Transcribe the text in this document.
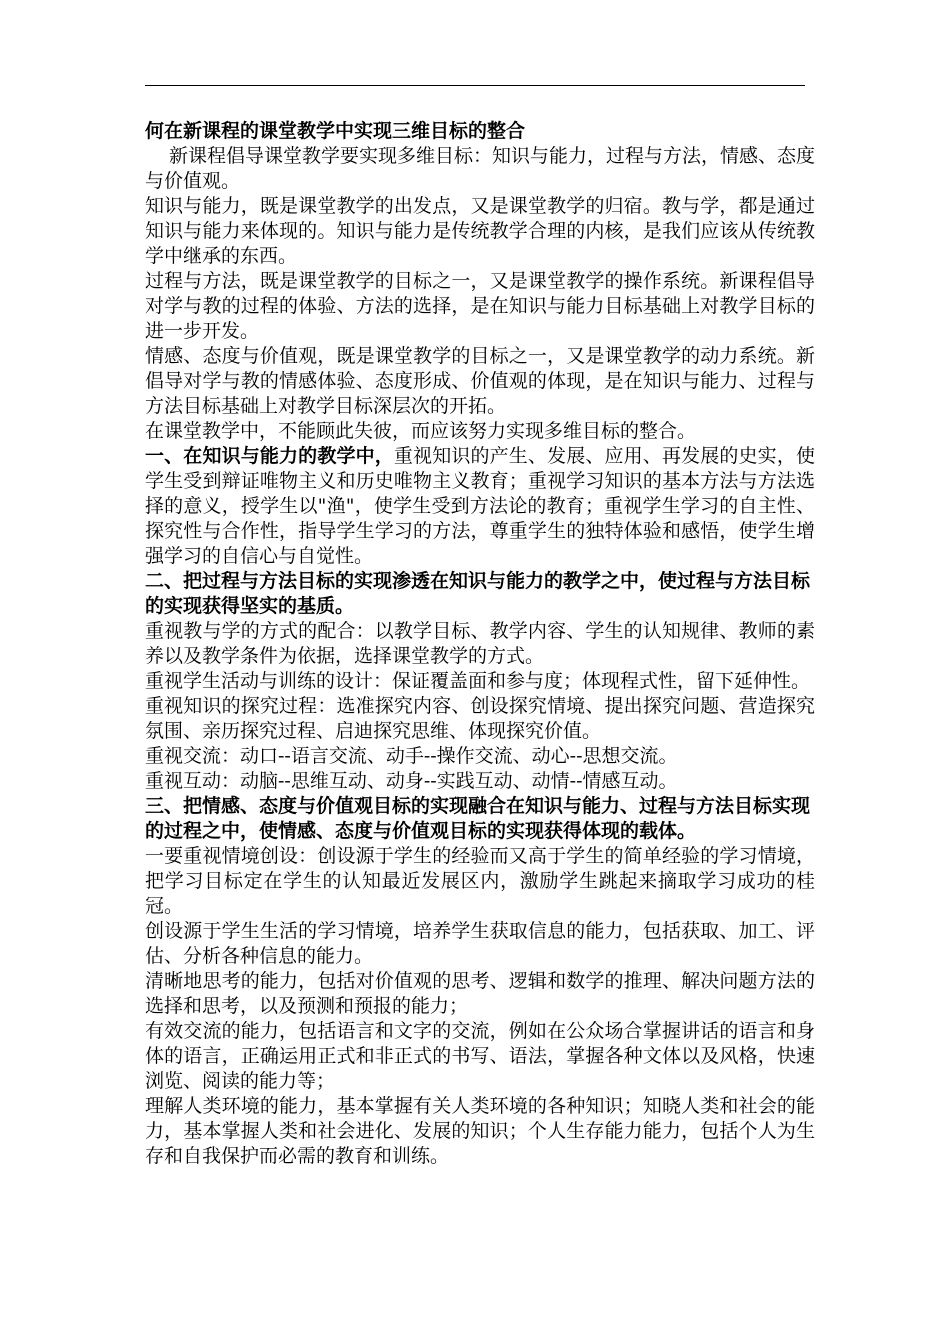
何在新课程的课堂教学中实现三维目标的整合

新课程倡导课堂教学要实现多维目标：知识与能力，过程与方法，情感、态度与价值观。

知识与能力，既是课堂教学的出发点，又是课堂教学的归宿。教与学，都是通过知识与能力来体现的。知识与能力是传统教学合理的内核，是我们应该从传统教学中继承的东西。

过程与方法，既是课堂教学的目标之一，又是课堂教学的操作系统。新课程倡导对学与教的过程的体验、方法的选择，是在知识与能力目标基础上对教学目标的进一步开发。

情感、态度与价值观，既是课堂教学的目标之一，又是课堂教学的动力系统。新倡导对学与教的情感体验、态度形成、价值观的体现，是在知识与能力、过程与方法目标基础上对教学目标深层次的开拓。

在课堂教学中，不能顾此失彼，而应该努力实现多维目标的整合。

一、在知识与能力的教学中，重视知识的产生、发展、应用、再发展的史实，使学生受到辩证唯物主义和历史唯物主义教育；重视学习知识的基本方法与方法选择的意义，授学生以"渔"，使学生受到方法论的教育；重视学生学习的自主性、探究性与合作性，指导学生学习的方法，尊重学生的独特体验和感悟，使学生增强学习的自信心与自觉性。

二、把过程与方法目标的实现渗透在知识与能力的教学之中，使过程与方法目标的实现获得坚实的基质。

重视教与学的方式的配合：以教学目标、教学内容、学生的认知规律、教师的素养以及教学条件为依据，选择课堂教学的方式。

重视学生活动与训练的设计：保证覆盖面和参与度；体现程式性，留下延伸性。

重视知识的探究过程：选准探究内容、创设探究情境、提出探究问题、营造探究氛围、亲历探究过程、启迪探究思维、体现探究价值。

重视交流：动口--语言交流、动手--操作交流、动心--思想交流。

重视互动：动脑--思维互动、动身--实践互动、动情--情感互动。

三、把情感、态度与价值观目标的实现融合在知识与能力、过程与方法目标实现的过程之中，使情感、态度与价值观目标的实现获得体现的载体。

一要重视情境创设：创设源于学生的经验而又高于学生的简单经验的学习情境，把学习目标定在学生的认知最近发展区内，激励学生跳起来摘取学习成功的桂冠。

创设源于学生生活的学习情境，培养学生获取信息的能力，包括获取、加工、评估、分析各种信息的能力。

清晰地思考的能力，包括对价值观的思考、逻辑和数学的推理、解决问题方法的选择和思考，以及预测和预报的能力；

有效交流的能力，包括语言和文字的交流，例如在公众场合掌握讲话的语言和身体的语言，正确运用正式和非正式的书写、语法，掌握各种文体以及风格，快速浏览、阅读的能力等；

理解人类环境的能力，基本掌握有关人类环境的各种知识；知晓人类和社会的能力，基本掌握人类和社会进化、发展的知识；个人生存能力能力，包括个人为生存和自我保护而必需的教育和训练。
